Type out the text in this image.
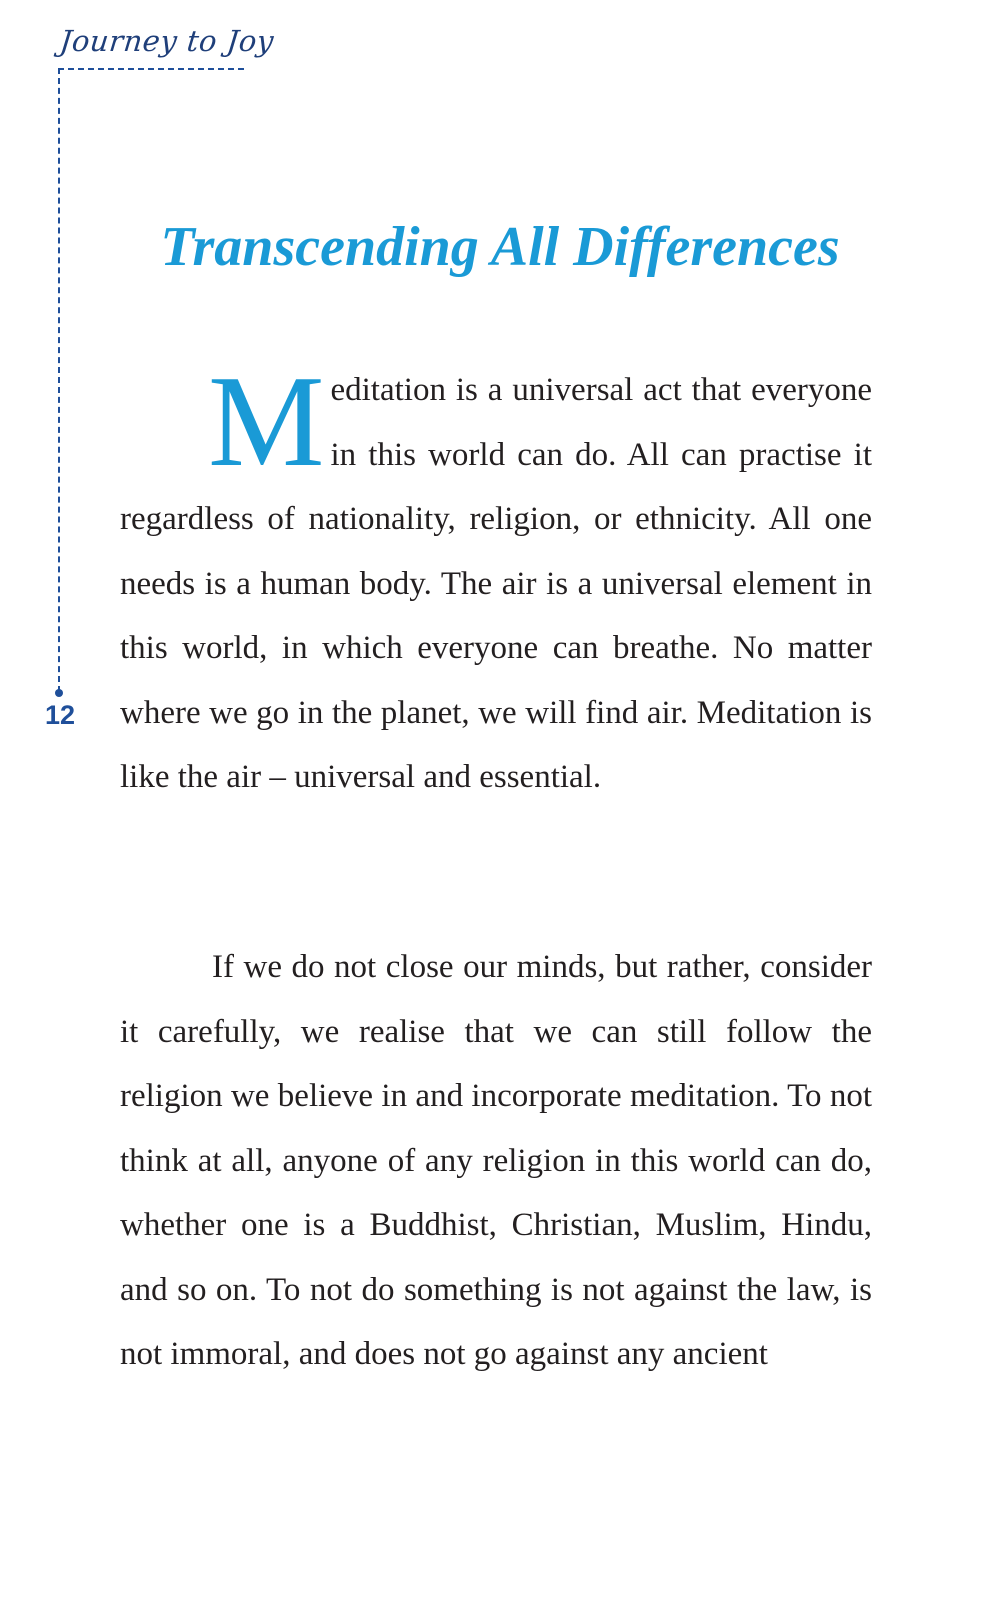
Journey to Joy
12
Transcending All Differences

Meditation is a universal act that everyone in this world can do. All can practise it regardless of nationality, religion, or ethnicity. All one needs is a human body. The air is a universal element in this world, in which everyone can breathe. No matter where we go in the planet, we will find air. Meditation is like the air – universal and essential.

If we do not close our minds, but rather, consider it carefully, we realise that we can still follow the religion we believe in and incorporate meditation. To not think at all, anyone of any religion in this world can do, whether one is a Buddhist, Christian, Muslim, Hindu, and so on. To not do something is not against the law, is not immoral, and does not go against any ancient
